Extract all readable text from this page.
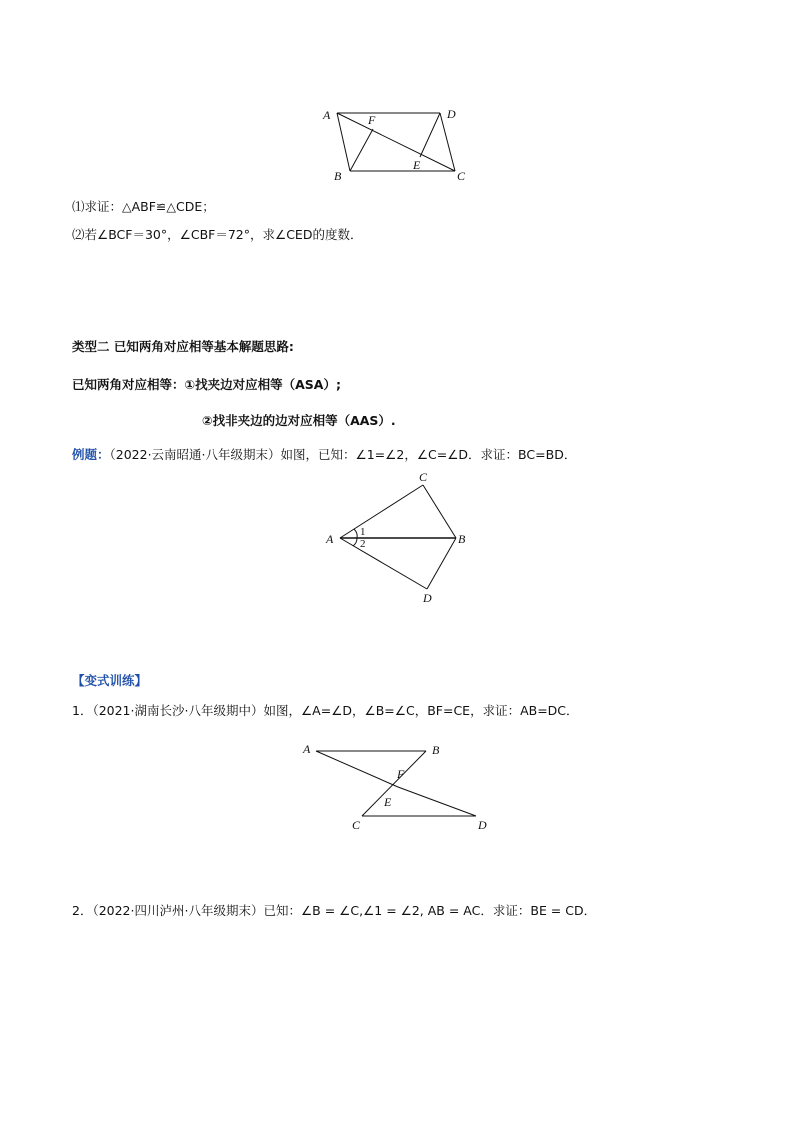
A	F	D
E
B	C
⑴求证：△ABF≌△CDE；
⑵若∠BCF＝30°，∠CBF＝72°，求∠CED的度数．
类型二 已知两角对应相等基本解题思路:
已知两角对应相等：①找夹边对应相等（ASA）;
②找非夹边的边对应相等（AAS）.
例题：（2022·云南昭通·八年级期末）如图，已知：∠1=∠2，∠C=∠D．求证：BC=BD．
A
C
B
D
1
2
【变式训练】
1．（2021·湖南长沙·八年级期中）如图，∠A=∠D，∠B=∠C，BF=CE，求证：AB=DC．
A	B
F
E
C	D
2．（2022·四川泸州·八年级期末）已知：∠B = ∠C,∠1 = ∠2, AB = AC．求证：BE = CD．
